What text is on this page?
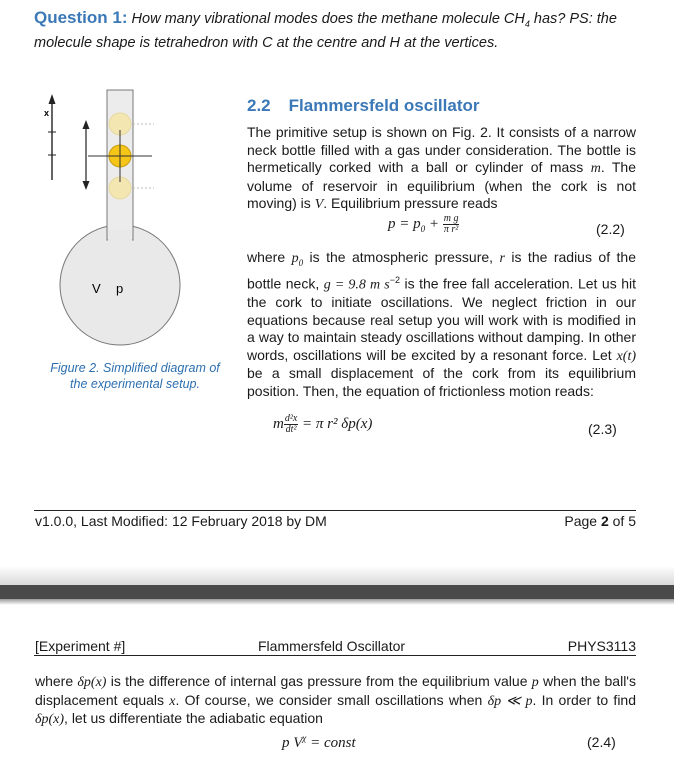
Question 1: How many vibrational modes does the methane molecule $CH_4$ has? PS: the molecule shape is tetrahedron with C at the centre and H at the vertices.
x
V p
Figure 2. Simplified diagram of the experimental setup.
2.2 Flammersfeld oscillator
The primitive setup is shown on Fig. 2. It consists of a narrow neck bottle filled with a gas under consideration. The bottle is hermetically corked with a ball or cylinder of mass m. The volume of reservoir in equilibrium (when the cork is not moving) is V. Equilibrium pressure reads
$p = p_0 + \frac{\text{m g}}{\text{π r²}}$	(2.2)
where $p_0$ is the atmospheric pressure, r is the radius of the bottle neck, g = 9.8 m $s^{-2}$ is the free fall acceleration. Let us hit the cork to initiate oscillations. We neglect friction in our equations because real setup you will work with is modified in a way to maintain steady oscillations without damping. In other words, oscillations will be excited by a resonant force. Let x(t) be a small displacement of the cork from its equilibrium position. Then, the equation of frictionless motion reads:
m $\frac{\text{d²x}}{\text{dt²}} = \pi$ r² δp(x)	(2.3)
v1.0.0, Last Modified: 12 February 2018 by DM	Page 2 of 5
[Experiment #]	Flammersfeld Oscillator	PHYS3113
where δp(x) is the difference of internal gas pressure from the equilibrium value p when the ball's displacement equals x. Of course, we consider small oscillations when δp ≪ p. In order to find δp(x), let us differentiate the adiabatic equation
p $V^\chi$ = const	(2.4)
